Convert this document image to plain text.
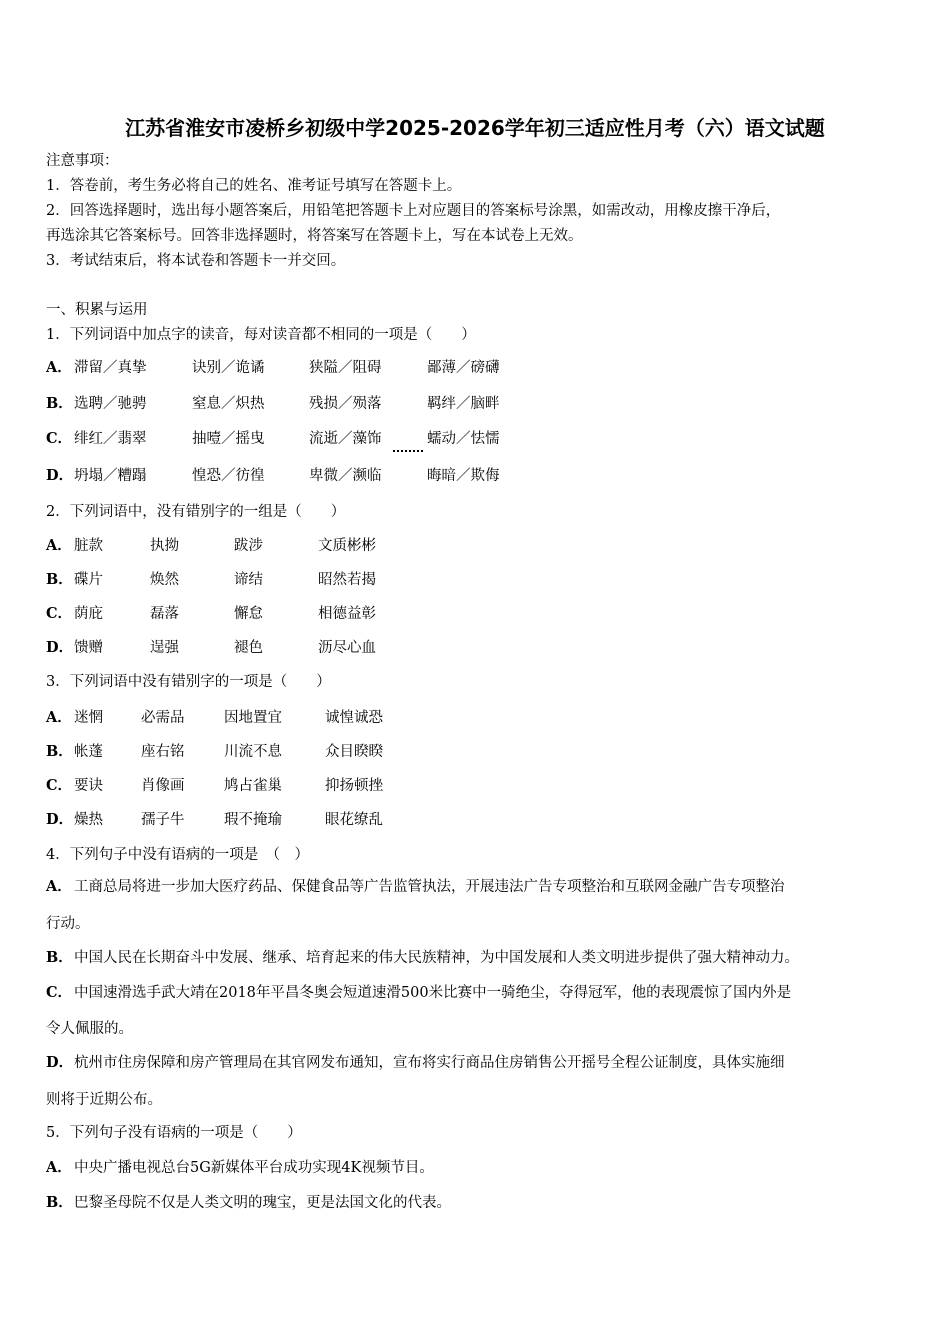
江苏省淮安市凌桥乡初级中学2025-2026学年初三适应性月考（六）语文试题
注意事项：
1．答卷前，考生务必将自己的姓名、准考证号填写在答题卡上。
2．回答选择题时，选出每小题答案后，用铅笔把答题卡上对应题目的答案标号涂黑，如需改动，用橡皮擦干净后，
再选涂其它答案标号。回答非选择题时，将答案写在答题卡上，写在本试卷上无效。
3．考试结束后，将本试卷和答题卡一并交回。
一、积累与运用
1．下列词语中加点字的读音，每对读音都不相同的一项是（　　）
A． 滞留／真挚	诀别／诡谲	狭隘／阻碍	鄙薄／磅礴
B． 选聘／驰骋	窒息／炽热	残损／殒落	羁绊／脑畔
C． 绯红／翡翠	抽噎／摇曳	流逝／藻饰	蠕动／怯懦
D． 坍塌／糟蹋	惶恐／彷徨	卑微／濒临	晦暗／欺侮
2．下列词语中，没有错别字的一组是（　　）
A． 脏款	执拗	跋涉	文质彬彬
B． 碟片	焕然	谛结	昭然若揭
C． 荫庇	磊落	懈怠	相德益彰
D． 馈赠	逞强	褪色	沥尽心血
3．下列词语中没有错别字的一项是（　　）
A． 迷惘	必需品	因地置宜	诚惶诚恐
B． 帐蓬	座右铭	川流不息	众目睽睽
C． 要诀	肖像画	鸠占雀巢	抑扬顿挫
D． 燥热	孺子牛	瑕不掩瑜	眼花缭乱
4．下列句子中没有语病的一项是　（　）
A． 工商总局将进一步加大医疗药品、保健食品等广告监管执法，开展违法广告专项整治和互联网金融广告专项整治
行动。
B． 中国人民在长期奋斗中发展、继承、培育起来的伟大民族精神，为中国发展和人类文明进步提供了强大精神动力。
C． 中国速滑选手武大靖在2018年平昌冬奥会短道速滑500米比赛中一骑绝尘，夺得冠军，他的表现震惊了国内外是
令人佩服的。
D． 杭州市住房保障和房产管理局在其官网发布通知，宣布将实行商品住房销售公开摇号全程公证制度，具体实施细
则将于近期公布。
5．下列句子没有语病的一项是（　　）
A． 中央广播电视总台5G新媒体平台成功实现4K视频节目。
B． 巴黎圣母院不仅是人类文明的瑰宝，更是法国文化的代表。
